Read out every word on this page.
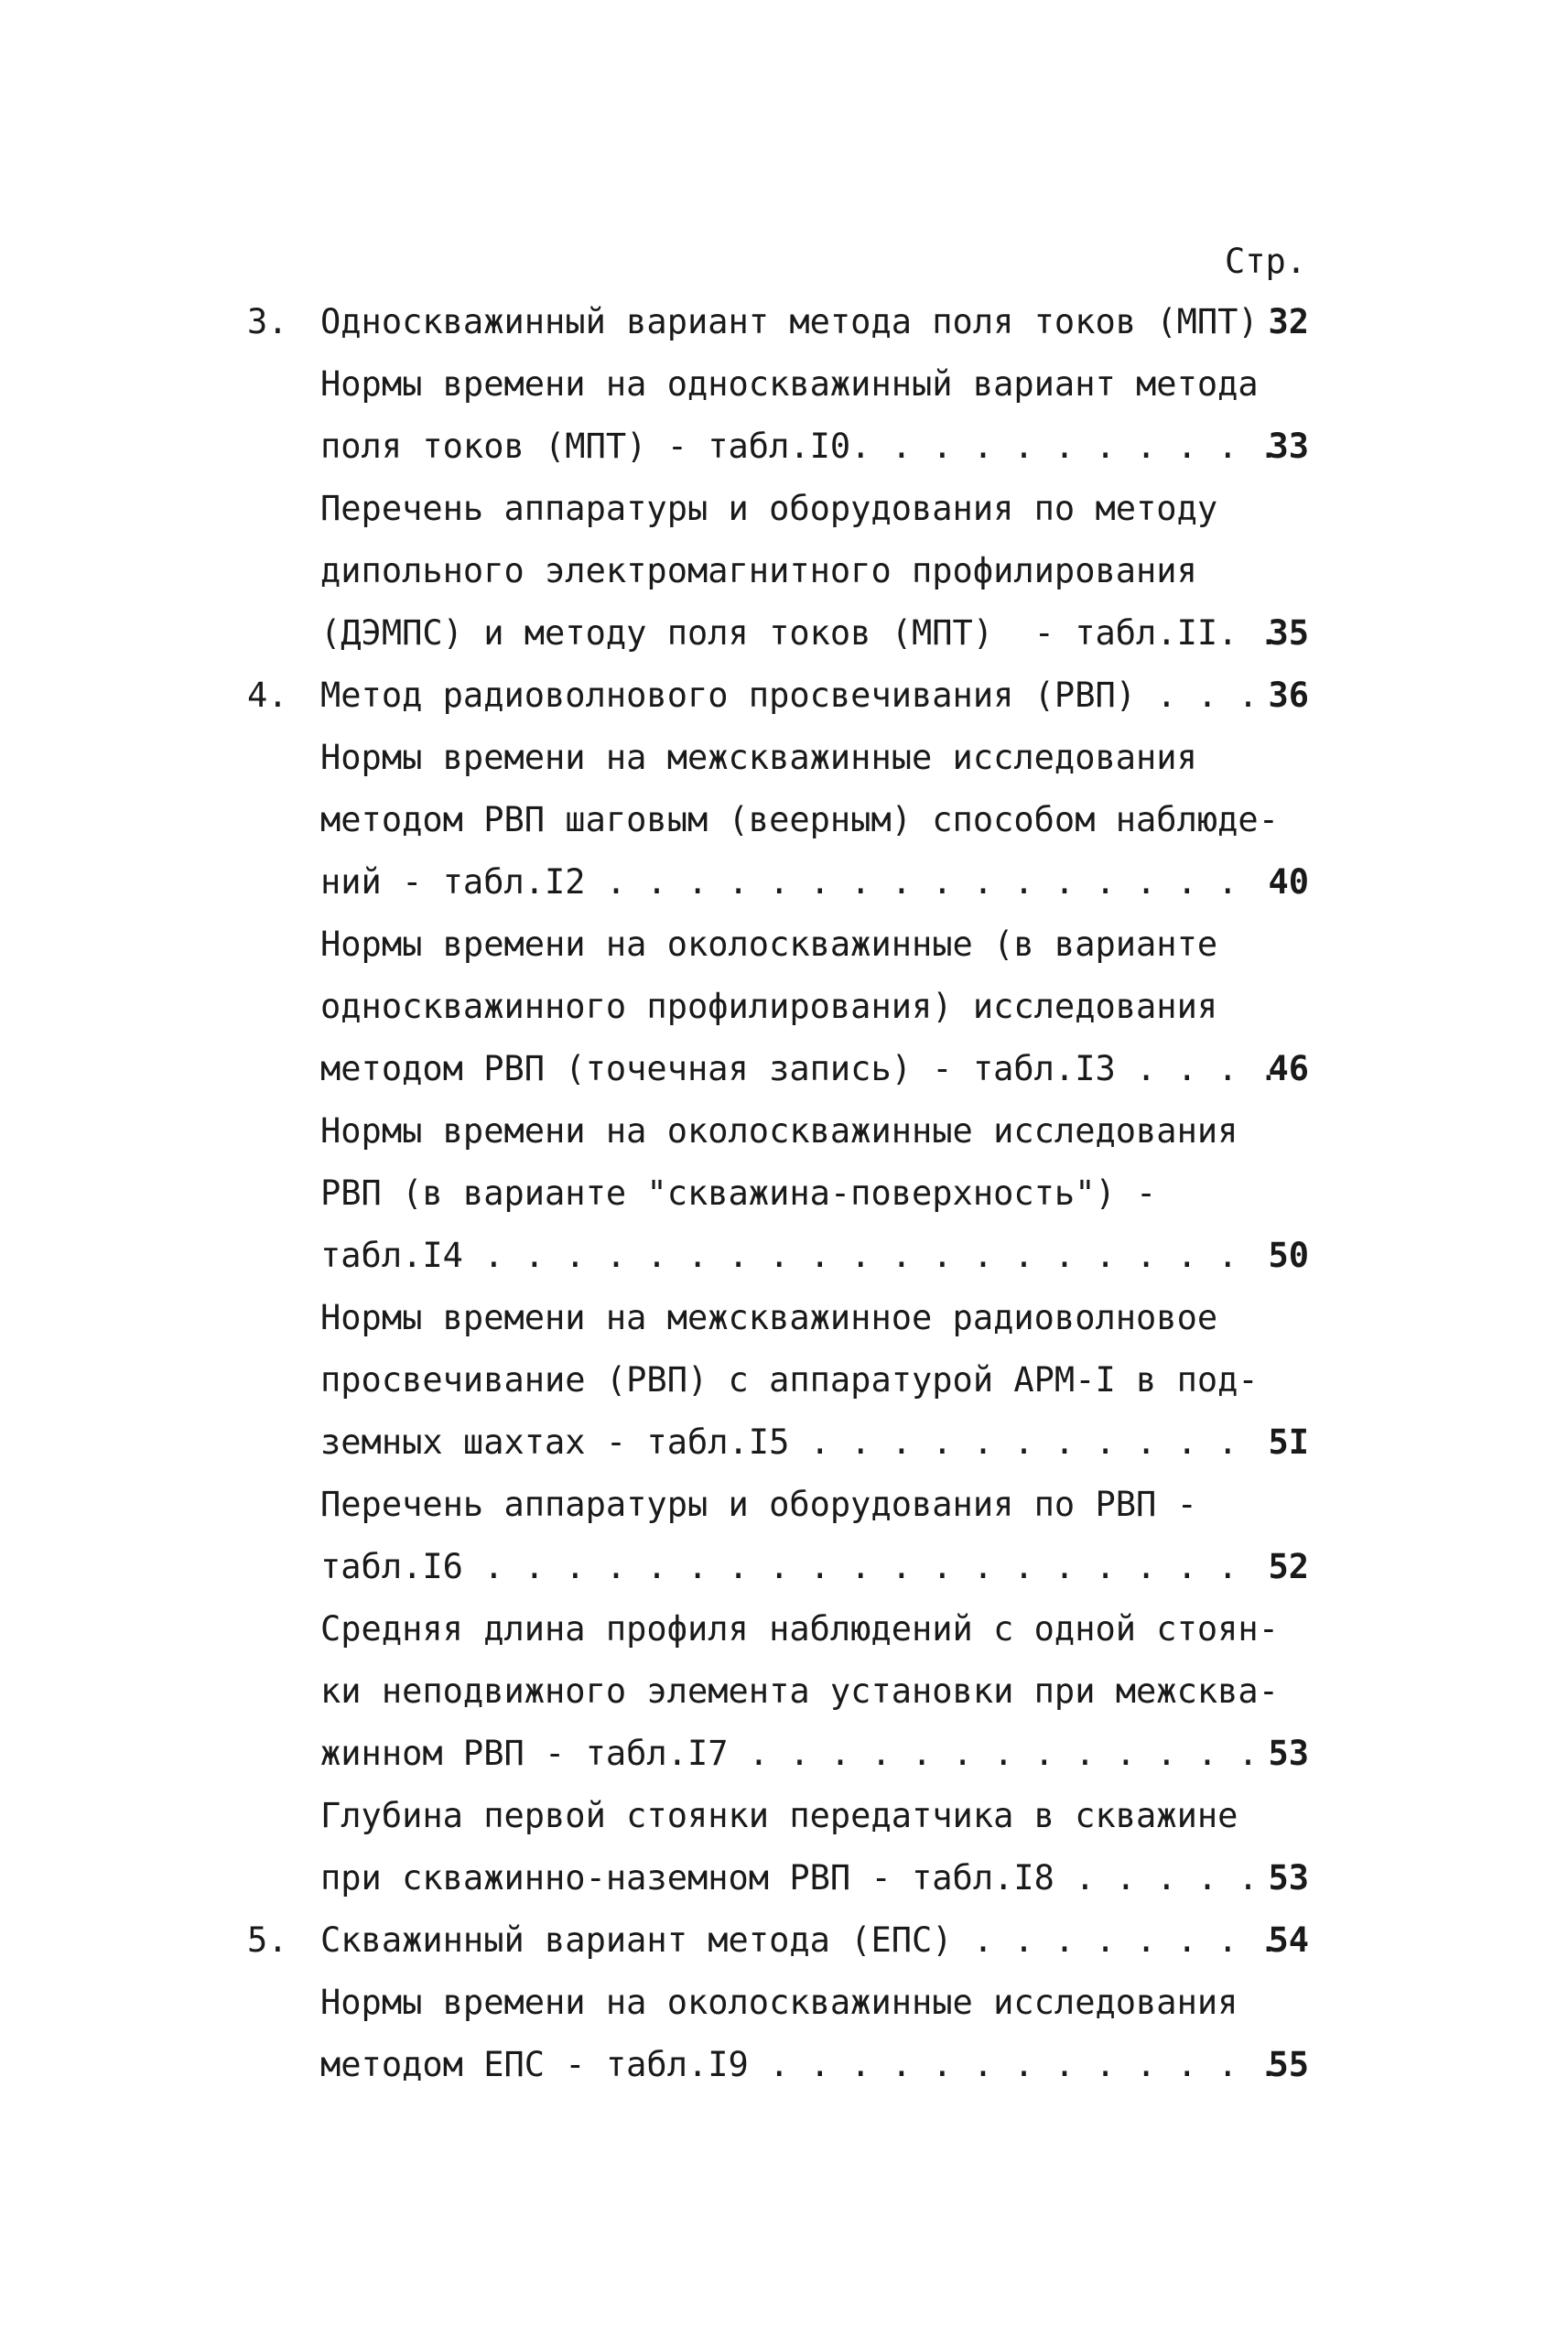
Стр.
3. Односкважинный вариант метода поля токов (МПТ) 32
Нормы времени на односкважинный вариант метода
поля токов (МПТ) - табл.I0. . . . . . . . . . .
33
Перечень аппаратуры и оборудования по методу
дипольного электромагнитного профилирования
(ДЭМПС) и методу поля токов (МПТ)  - табл.II. .
35
4. Метод радиоволнового просвечивания (РВП) . . . 36
Нормы времени на межскважинные исследования
методом РВП шаговым (веерным) способом наблюде-
ний - табл.I2 . . . . . . . . . . . . . . . . 40
Нормы времени на околоскважинные (в варианте
односкважинного профилирования) исследования
методом РВП (точечная запись) - табл.I3 . . . .
46
Нормы времени на околоскважинные исследования
РВП (в варианте "скважина-поверхность") -
табл.I4 . . . . . . . . . . . . . . . . . . . 50
Нормы времени на межскважинное радиоволновое
просвечивание (РВП) с аппаратурой АРМ-I в под-
земных шахтах - табл.I5 . . . . . . . . . . . 5I
Перечень аппаратуры и оборудования по РВП -
табл.I6 . . . . . . . . . . . . . . . . . . . 52
Средняя длина профиля наблюдений с одной стоян-
ки неподвижного элемента установки при межсква-
жинном РВП - табл.I7 . . . . . . . . . . . . . 53
Глубина первой стоянки передатчика в скважине
при скважинно-наземном РВП - табл.I8 . . . . . 53
5. Скважинный вариант метода (ЕПС) . . . . . . . .
54
Нормы времени на околоскважинные исследования
методом ЕПС - табл.I9 . . . . . . . . . . . . .
55
